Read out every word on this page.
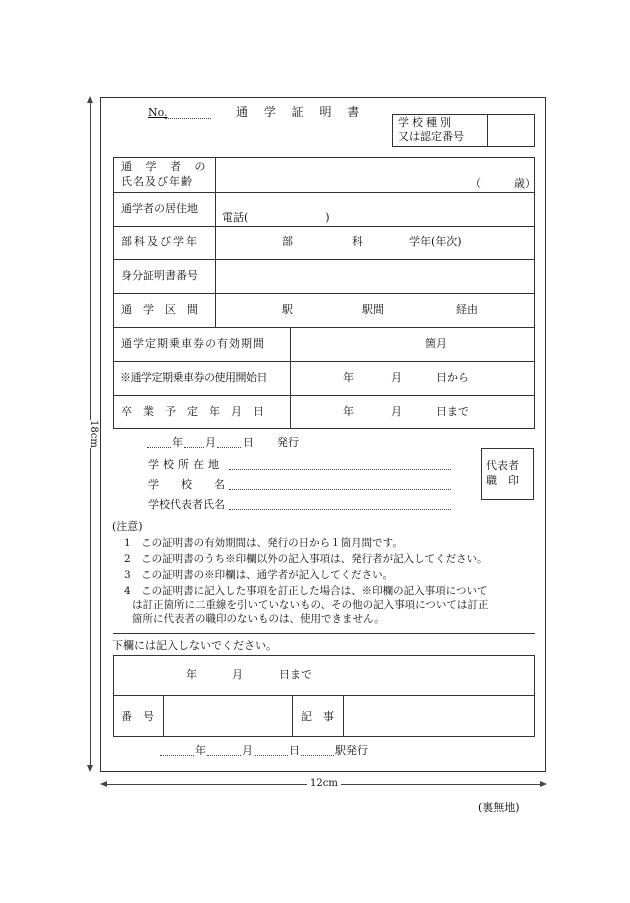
18cm
12cm
(裏無地)
No.	通 学 証 明 書
学校種別
又は認定番号
通 学 者 の
氏名及び年齢	（　　　歳）
通学者の居住地
電話(　　　　　　　)
部科及び学年	部	科	学年(年次)
身分証明書番号
通　学　区　間	駅	駅間	経由
通学定期乗車券の有効期間	箇月
※通学定期乗車券の使用開始日	年	月	日から
卒　業　予　定　年　月　日	年	月	日まで
年 月 日 発行
学校所在地
学　　校　　名
学校代表者氏名
代表者
職　印
(注意)
1　この証明書の有効期間は、発行の日から１箇月間です。
2　この証明書のうち※印欄以外の記入事項は、発行者が記入してください。
3　この証明書の※印欄は、通学者が記入してください。
4　この証明書に記入した事項を訂正した場合は、※印欄の記入事項について
は訂正箇所に二重線を引いていないもの、その他の記入事項については訂正
箇所に代表者の職印のないものは、使用できません。
下欄には記入しないでください。
年	月	日まで
番　号	記　事
年	月	日	駅発行
